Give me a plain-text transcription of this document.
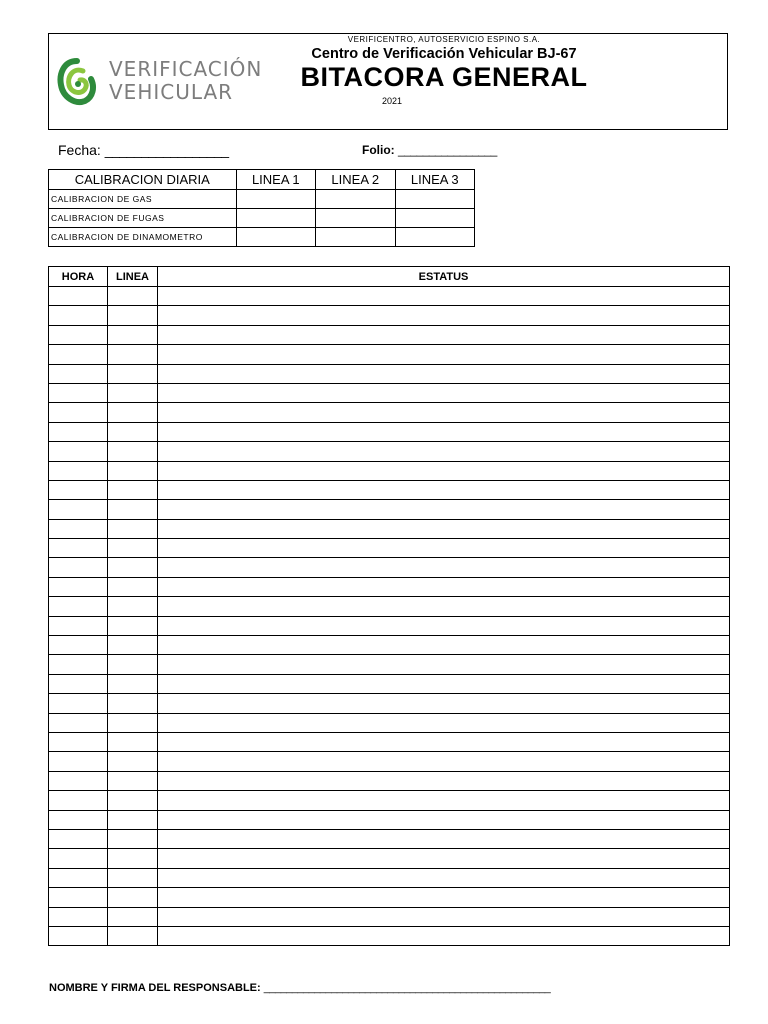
VERIFICACIÓN
VEHICULAR
VERIFICENTRO, AUTOSERVICIO ESPINO S.A.
Centro de Verificación Vehicular BJ-67
BITACORA GENERAL
2021
Fecha: _________________	Folio: ________________
CALIBRACION DIARIA	LINEA 1	LINEA 2	LINEA 3
CALIBRACION DE GAS			
CALIBRACION DE FUGAS			
CALIBRACION DE DINAMOMETRO			
HORA	LINEA	ESTATUS

NOMBRE Y FIRMA DEL RESPONSABLE: ___________________________________________________
